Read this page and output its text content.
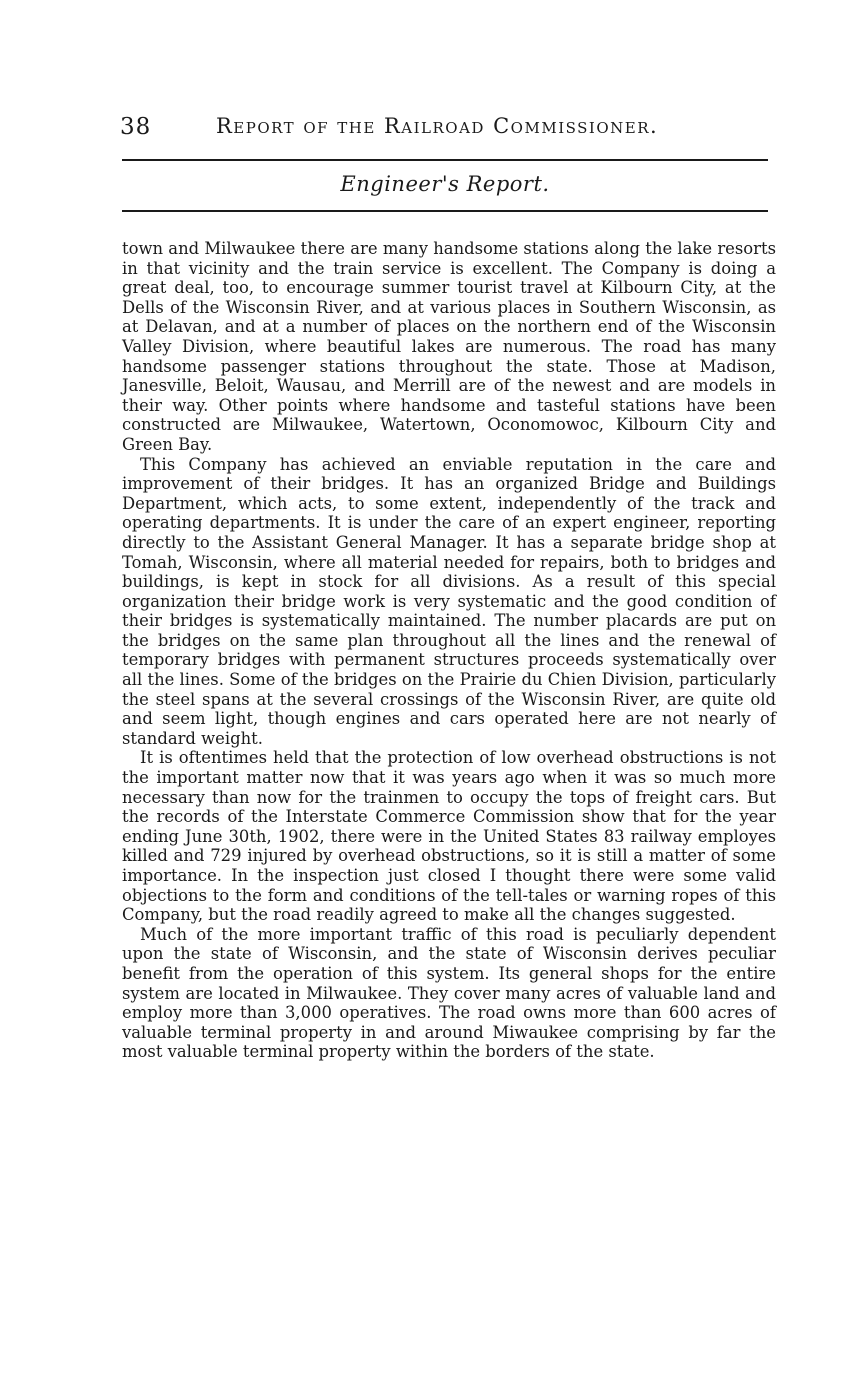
38	Report of the Railroad Commissioner.
Engineer's Report.

town and Milwaukee there are many handsome stations along the lake resorts in that vicinity and the train service is excellent. The Company is doing a great deal, too, to encourage summer tourist travel at Kilbourn City, at the Dells of the Wisconsin River, and at various places in Southern Wisconsin, as at Delavan, and at a number of places on the northern end of the Wisconsin Valley Division, where beautiful lakes are numerous. The road has many handsome passenger stations throughout the state. Those at Madison, Janesville, Beloit, Wausau, and Merrill are of the newest and are models in their way. Other points where handsome and tasteful stations have been constructed are Milwaukee, Watertown, Oconomowoc, Kilbourn City and Green Bay.

This Company has achieved an enviable reputation in the care and improvement of their bridges. It has an organized Bridge and Buildings Department, which acts, to some extent, independently of the track and operating departments. It is under the care of an expert engineer, reporting directly to the Assistant General Manager. It has a separate bridge shop at Tomah, Wisconsin, where all material needed for repairs, both to bridges and buildings, is kept in stock for all divisions. As a result of this special organization their bridge work is very systematic and the good condition of their bridges is systematically maintained. The number placards are put on the bridges on the same plan throughout all the lines and the renewal of temporary bridges with permanent structures proceeds systematically over all the lines. Some of the bridges on the Prairie du Chien Division, particularly the steel spans at the several crossings of the Wisconsin River, are quite old and seem light, though engines and cars operated here are not nearly of standard weight.

It is oftentimes held that the protection of low overhead obstructions is not the important matter now that it was years ago when it was so much more necessary than now for the trainmen to occupy the tops of freight cars. But the records of the Interstate Commerce Commission show that for the year ending June 30th, 1902, there were in the United States 83 railway employes killed and 729 injured by overhead obstructions, so it is still a matter of some importance. In the inspection just closed I thought there were some valid objections to the form and conditions of the tell-tales or warning ropes of this Company, but the road readily agreed to make all the changes suggested.

Much of the more important traffic of this road is peculiarly dependent upon the state of Wisconsin, and the state of Wisconsin derives peculiar benefit from the operation of this system. Its general shops for the entire system are located in Milwaukee. They cover many acres of valuable land and employ more than 3,000 operatives. The road owns more than 600 acres of valuable terminal property in and around Miwaukee comprising by far the most valuable terminal property within the borders of the state.
